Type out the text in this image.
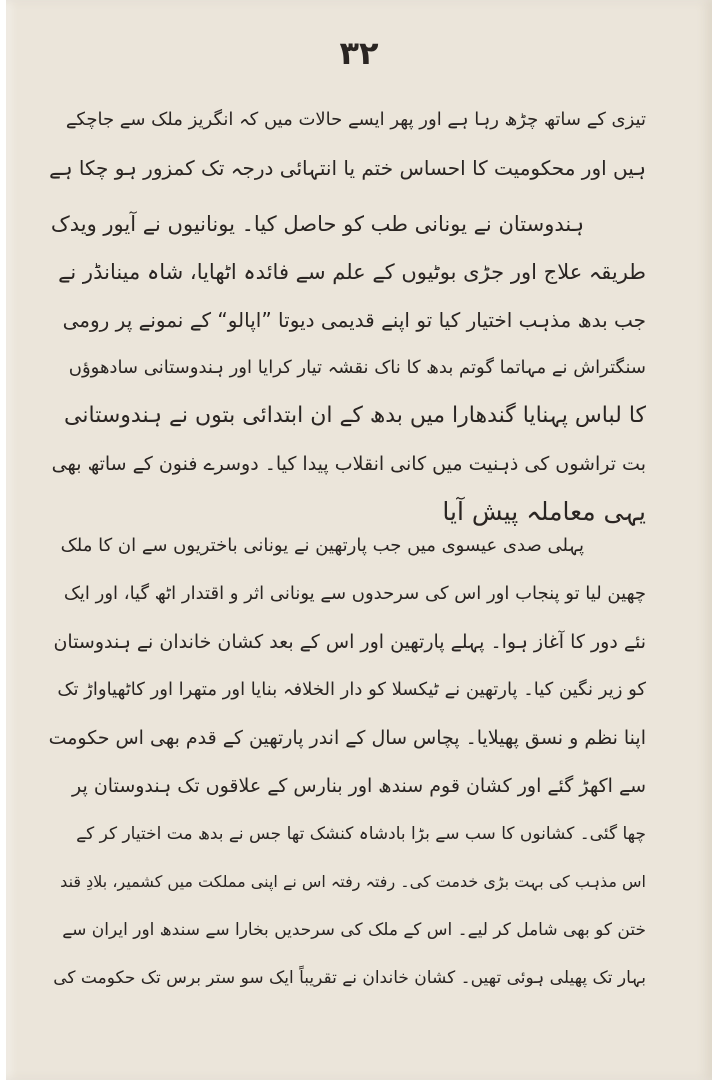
۳۲
تیزی کے ساتھ چڑھ رہا ہے اور پھر ایسے حالات میں کہ انگریز ملک سے جاچکے
ہیں اور محکومیت کا احساس ختم یا انتہائی درجہ تک کمزور ہو چکا ہے
ہندوستان نے یونانی طب کو حاصل کیا۔ یونانیوں نے آیور ویدک
طریقہ علاج اور جڑی بوٹیوں کے علم سے فائدہ اٹھایا، شاہ مینانڈر نے
جب بدھ مذہب اختیار کیا تو اپنے قدیمی دیوتا ”اپالو“ کے نمونے پر رومی
سنگتراش نے مہاتما گوتم بدھ کا ناک نقشہ تیار کرایا اور ہندوستانی سادھوؤں
کا لباس پہنایا گندھارا میں بدھ کے ان ابتدائی بتوں نے ہندوستانی
بت تراشوں کی ذہنیت میں کانی انقلاب پیدا کیا۔ دوسرے فنون کے ساتھ بھی
یہی معاملہ پیش آیا
پہلی صدی عیسوی میں جب پارتھین نے یونانی باختریوں سے ان کا ملک
چھین لیا تو پنجاب اور اس کی سرحدوں سے یونانی اثر و اقتدار اٹھ گیا، اور ایک
نئے دور کا آغاز ہوا۔ پہلے پارتھین اور اس کے بعد کشان خاندان نے ہندوستان
کو زیر نگین کیا۔ پارتھین نے ٹیکسلا کو دار الخلافہ بنایا اور متھرا اور کاٹھیاواڑ تک
اپنا نظم و نسق پھیلایا۔ پچاس سال کے اندر پارتھین کے قدم بھی اس حکومت
سے اکھڑ گئے اور کشان قوم سندھ اور بنارس کے علاقوں تک ہندوستان پر
چھا گئی۔ کشانوں کا سب سے بڑا بادشاہ کنشک تھا جس نے بدھ مت اختیار کر کے
اس مذہب کی بہت بڑی خدمت کی۔ رفتہ رفتہ اس نے اپنی مملکت میں کشمیر، بلادِ قند
ختن کو بھی شامل کر لیے۔ اس کے ملک کی سرحدیں بخارا سے سندھ اور ایران سے
بہار تک پھیلی ہوئی تھیں۔ کشان خاندان نے تقریباً ایک سو ستر برس تک حکومت کی
